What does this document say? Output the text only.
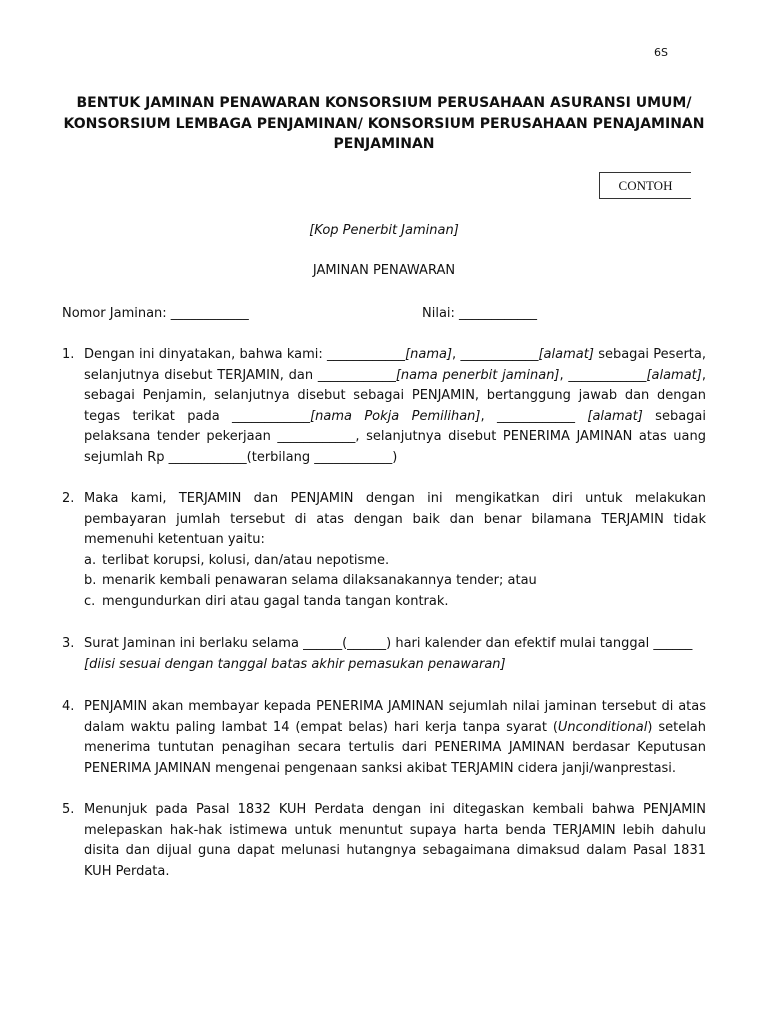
6S
BENTUK JAMINAN PENAWARAN KONSORSIUM PERUSAHAAN ASURANSI UMUM/ KONSORSIUM LEMBAGA PENJAMINAN/ KONSORSIUM PERUSAHAAN PENAJAMINAN PENJAMINAN
CONTOH
[Kop Penerbit Jaminan]
JAMINAN PENAWARAN
Nomor Jaminan: ____________	Nilai: ____________
1. Dengan ini dinyatakan, bahwa kami: ____________[nama], ____________[alamat] sebagai Peserta, selanjutnya disebut TERJAMIN, dan ____________[nama penerbit jaminan], ____________[alamat], sebagai Penjamin, selanjutnya disebut sebagai PENJAMIN, bertanggung jawab dan dengan tegas terikat pada ____________[nama Pokja Pemilihan], ____________ [alamat] sebagai pelaksana tender pekerjaan ____________, selanjutnya disebut PENERIMA JAMINAN atas uang sejumlah Rp ____________(terbilang ____________)
2. Maka kami, TERJAMIN dan PENJAMIN dengan ini mengikatkan diri untuk melakukan pembayaran jumlah tersebut di atas dengan baik dan benar bilamana TERJAMIN tidak memenuhi ketentuan yaitu:
a. terlibat korupsi, kolusi, dan/atau nepotisme.
b. menarik kembali penawaran selama dilaksanakannya tender; atau
c. mengundurkan diri atau gagal tanda tangan kontrak.
3. Surat Jaminan ini berlaku selama ______(______) hari kalender dan efektif mulai tanggal ______
[diisi sesuai dengan tanggal batas akhir pemasukan penawaran]
4. PENJAMIN akan membayar kepada PENERIMA JAMINAN sejumlah nilai jaminan tersebut di atas dalam waktu paling lambat 14 (empat belas) hari kerja tanpa syarat (Unconditional) setelah menerima tuntutan penagihan secara tertulis dari PENERIMA JAMINAN berdasar Keputusan PENERIMA JAMINAN mengenai pengenaan sanksi akibat TERJAMIN cidera janji/wanprestasi.
5. Menunjuk pada Pasal 1832 KUH Perdata dengan ini ditegaskan kembali bahwa PENJAMIN melepaskan hak-hak istimewa untuk menuntut supaya harta benda TERJAMIN lebih dahulu disita dan dijual guna dapat melunasi hutangnya sebagaimana dimaksud dalam Pasal 1831 KUH Perdata.
